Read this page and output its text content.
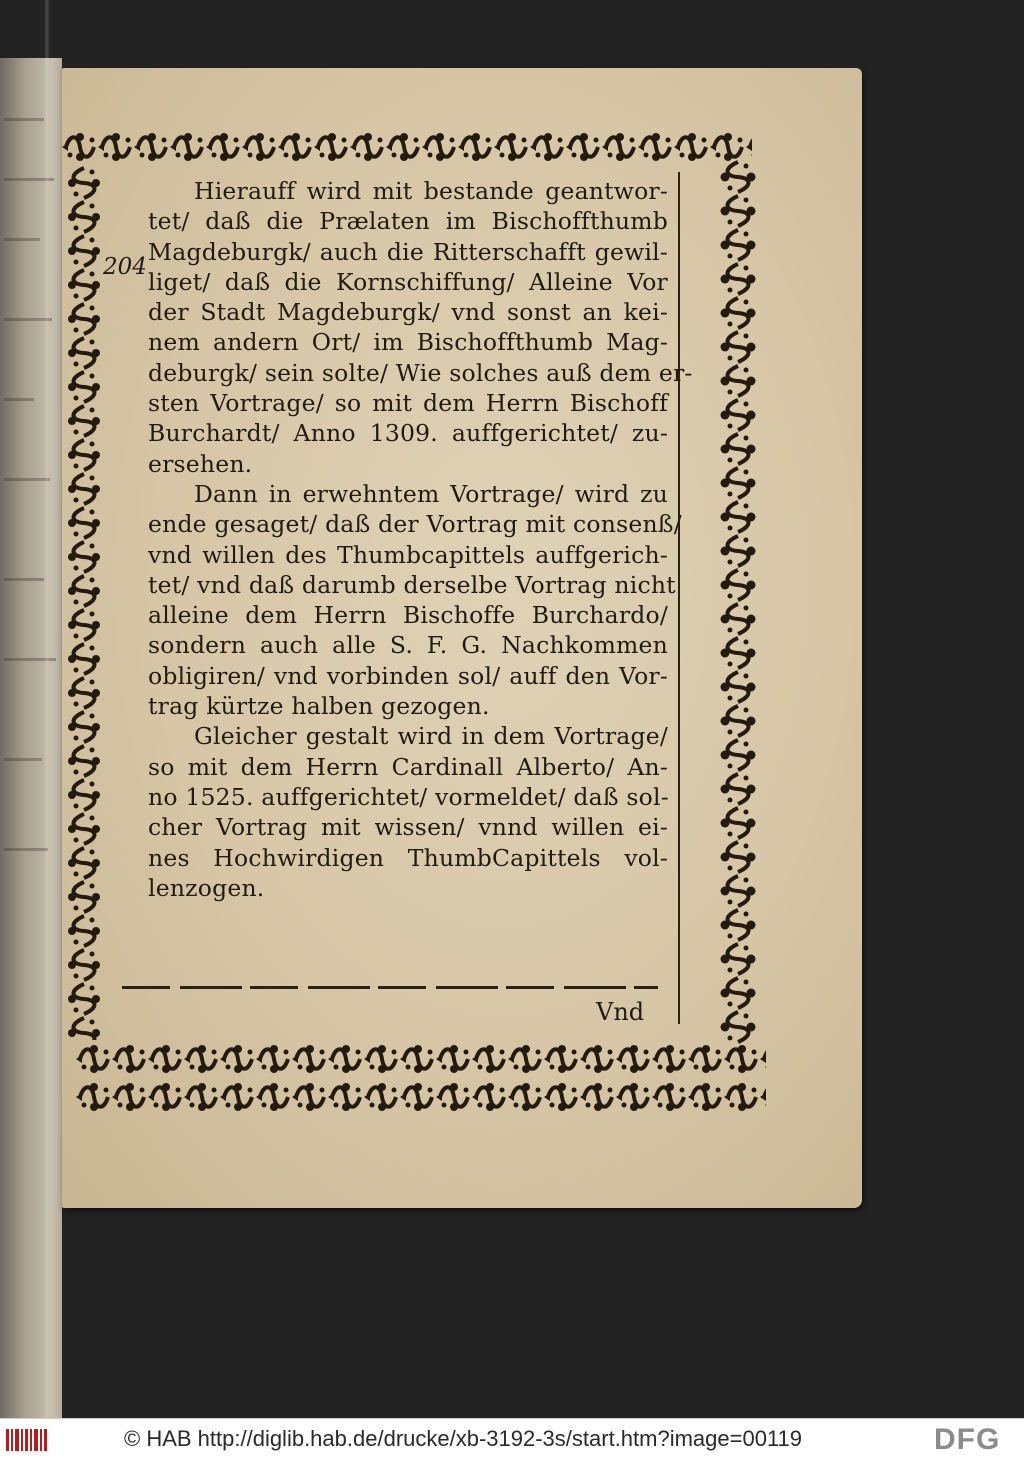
204
Hierauff wird mit bestande geantwor-
tet/ daß die Prælaten im Bischoffthumb
Magdeburgk/ auch die Ritterschafft gewil-
liget/ daß die Kornschiffung/ Alleine Vor
der Stadt Magdeburgk/ vnd sonst an kei-
nem andern Ort/ im Bischoffthumb Mag-
deburgk/ sein solte/ Wie solches auß dem er-
sten Vortrage/ so mit dem Herrn Bischoff
Burchardt/ Anno 1309. auffgerichtet/ zu-
ersehen.
Dann in erwehntem Vortrage/ wird zu
ende gesaget/ daß der Vortrag mit consenß/
vnd willen des Thumbcapittels auffgerich-
tet/ vnd daß darumb derselbe Vortrag nicht
alleine dem Herrn Bischoffe Burchardo/
sondern auch alle S. F. G. Nachkommen
obligiren/ vnd vorbinden sol/ auff den Vor-
trag kürtze halben gezogen.
Gleicher gestalt wird in dem Vortrage/
so mit dem Herrn Cardinall Alberto/ An-
no 1525. auffgerichtet/ vormeldet/ daß sol-
cher Vortrag mit wissen/ vnnd willen ei-
nes Hochwirdigen ThumbCapittels vol-
lenzogen.
Vnd
© HAB http://diglib.hab.de/drucke/xb-3192-3s/start.htm?image=00119	DFG
